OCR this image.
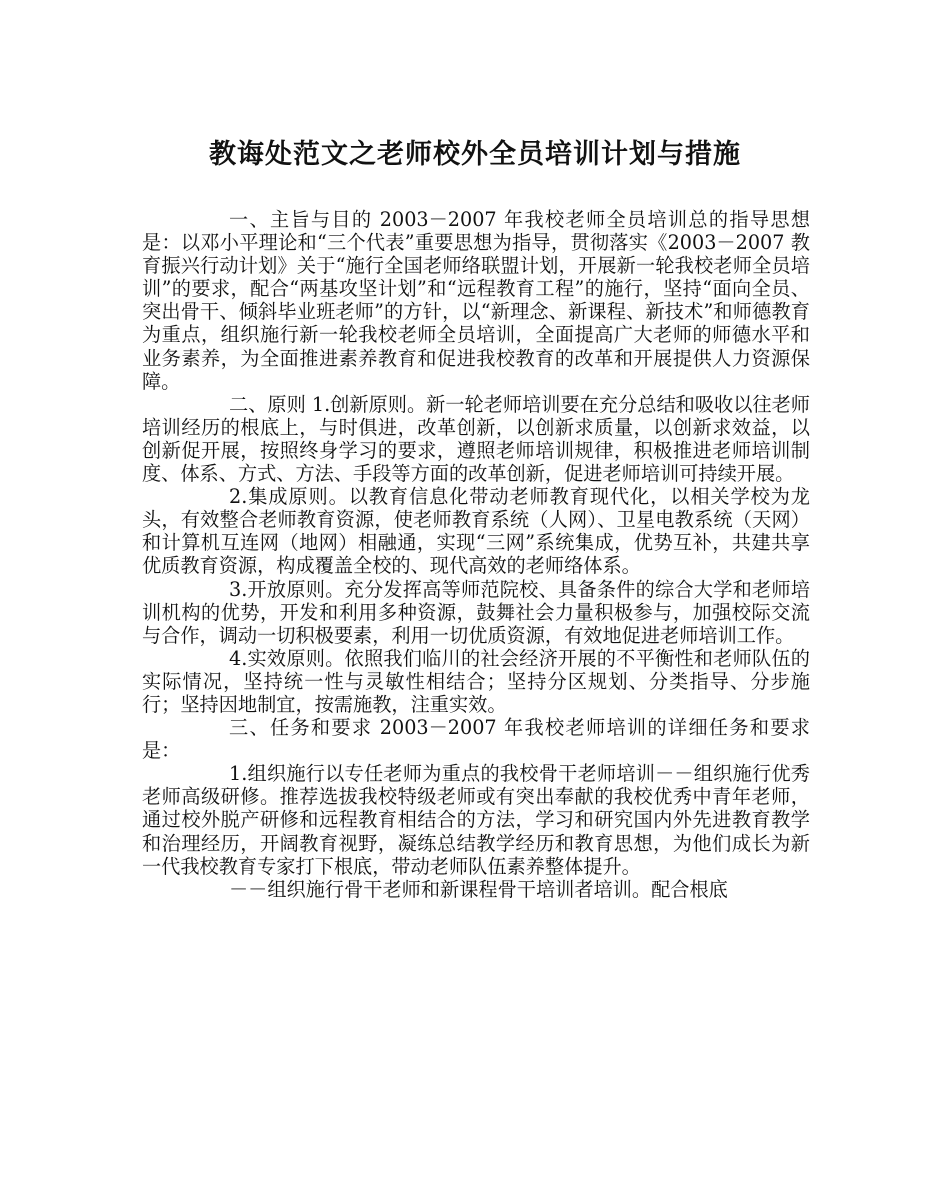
教诲处范文之老师校外全员培训计划与措施

一、主旨与目的 2003－2007 年我校老师全员培训总的指导思想是：以邓小平理论和“三个代表”重要思想为指导，贯彻落实《2003－2007 教育振兴行动计划》关于“施行全国老师络联盟计划，开展新一轮我校老师全员培训”的要求，配合“两基攻坚计划”和“远程教育工程”的施行，坚持“面向全员、突出骨干、倾斜毕业班老师”的方针，以“新理念、新课程、新技术”和师德教育为重点，组织施行新一轮我校老师全员培训，全面提高广大老师的师德水平和业务素养，为全面推进素养教育和促进我校教育的改革和开展提供人力资源保障。

二、原则 1.创新原则。新一轮老师培训要在充分总结和吸收以往老师培训经历的根底上，与时俱进，改革创新，以创新求质量，以创新求效益，以创新促开展，按照终身学习的要求，遵照老师培训规律，积极推进老师培训制度、体系、方式、方法、手段等方面的改革创新，促进老师培训可持续开展。

2.集成原则。以教育信息化带动老师教育现代化，以相关学校为龙头，有效整合老师教育资源，使老师教育系统（人网）、卫星电教系统（天网）和计算机互连网（地网）相融通，实现“三网”系统集成，优势互补，共建共享优质教育资源，构成覆盖全校的、现代高效的老师络体系。

3.开放原则。充分发挥高等师范院校、具备条件的综合大学和老师培训机构的优势，开发和利用多种资源，鼓舞社会力量积极参与，加强校际交流与合作，调动一切积极要素，利用一切优质资源，有效地促进老师培训工作。

4.实效原则。依照我们临川的社会经济开展的不平衡性和老师队伍的实际情况，坚持统一性与灵敏性相结合；坚持分区规划、分类指导、分步施行；坚持因地制宜，按需施教，注重实效。

三、任务和要求 2003－2007 年我校老师培训的详细任务和要求是：

1.组织施行以专任老师为重点的我校骨干老师培训－－组织施行优秀老师高级研修。推荐选拔我校特级老师或有突出奉献的我校优秀中青年老师，通过校外脱产研修和远程教育相结合的方法，学习和研究国内外先进教育教学和治理经历，开阔教育视野，凝练总结教学经历和教育思想，为他们成长为新一代我校教育专家打下根底，带动老师队伍素养整体提升。

－－组织施行骨干老师和新课程骨干培训者培训。配合根底
